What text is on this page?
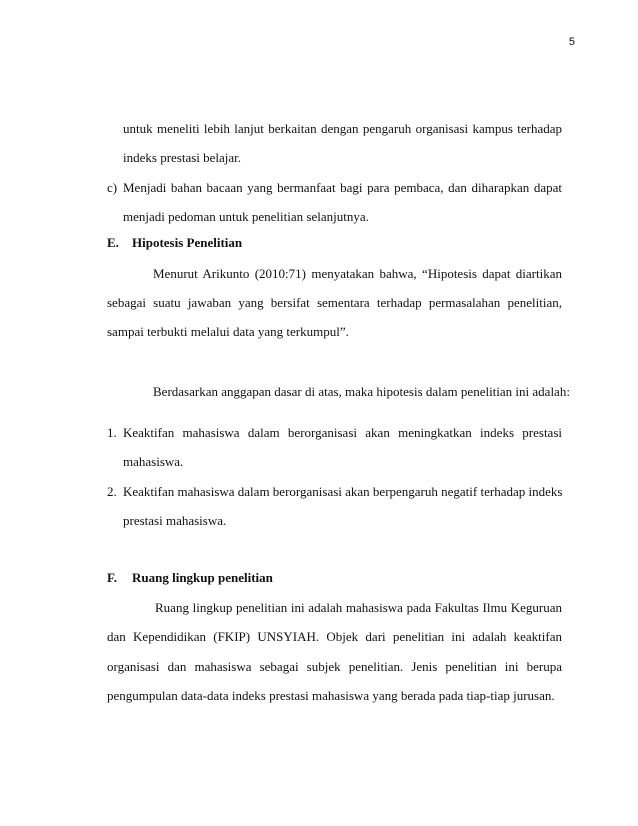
5
untuk meneliti lebih lanjut berkaitan dengan pengaruh organisasi kampus terhadap
indeks prestasi belajar.
c) Menjadi bahan bacaan yang bermanfaat bagi para pembaca, dan diharapkan dapat
menjadi pedoman untuk penelitian selanjutnya.
E. Hipotesis Penelitian
Menurut Arikunto (2010:71) menyatakan bahwa, “Hipotesis dapat diartikan
sebagai suatu jawaban yang bersifat sementara terhadap permasalahan penelitian,
sampai terbukti melalui data yang terkumpul”.
Berdasarkan anggapan dasar di atas, maka hipotesis dalam penelitian ini adalah:
1. Keaktifan mahasiswa dalam berorganisasi akan meningkatkan indeks prestasi
mahasiswa.
2. Keaktifan mahasiswa dalam berorganisasi akan berpengaruh negatif terhadap indeks
prestasi mahasiswa.
F. Ruang lingkup penelitian
Ruang lingkup penelitian ini adalah mahasiswa pada Fakultas Ilmu Keguruan
dan Kependidikan (FKIP) UNSYIAH. Objek dari penelitian ini adalah keaktifan
organisasi dan mahasiswa sebagai subjek penelitian. Jenis penelitian ini berupa
pengumpulan data-data indeks prestasi mahasiswa yang berada pada tiap-tiap jurusan.
